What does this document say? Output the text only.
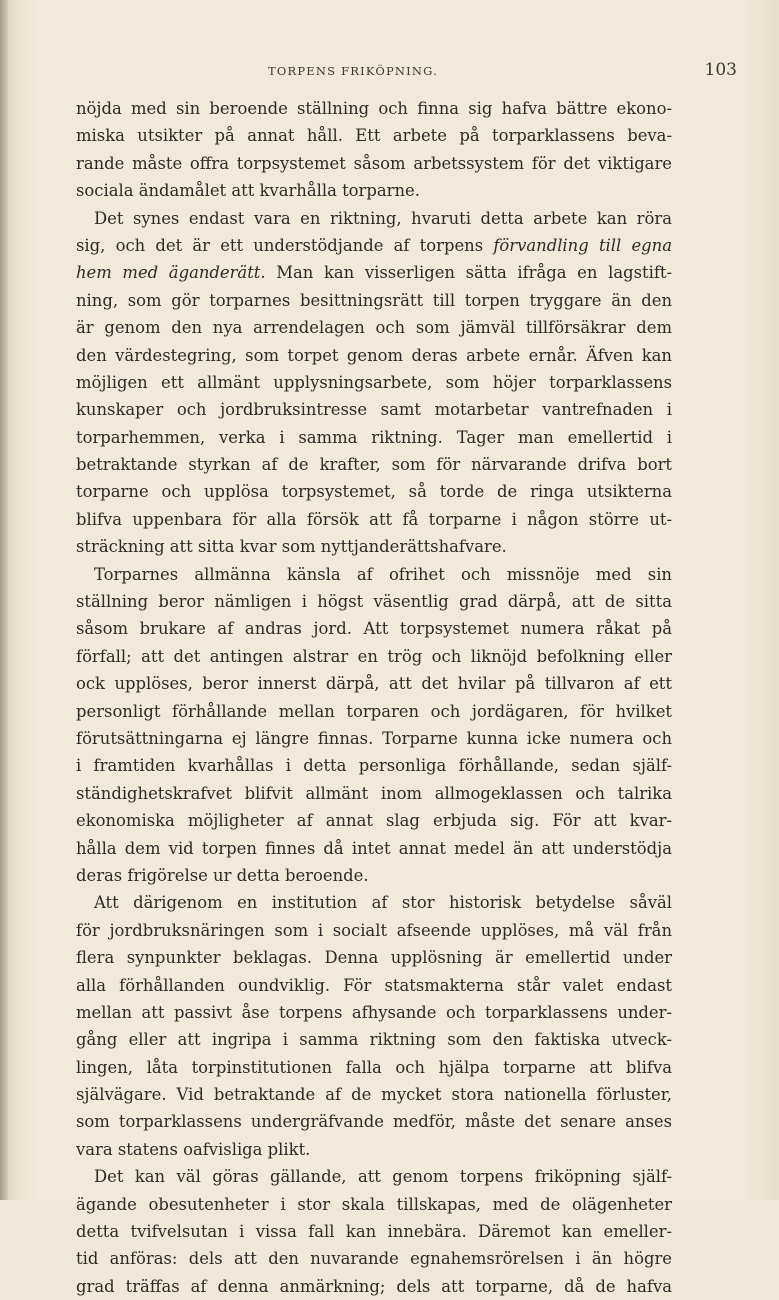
TORPENS FRIKÖPNING.	103
nöjda med sin beroende ställning och finna sig hafva bättre ekono-
miska utsikter på annat håll. Ett arbete på torparklassens beva-
rande måste offra torpsystemet såsom arbetssystem för det viktigare
sociala ändamålet att kvarhålla torparne.
Det synes endast vara en riktning, hvaruti detta arbete kan röra
sig, och det är ett understödjande af torpens förvandling till egna
hem med äganderätt. Man kan visserligen sätta ifråga en lagstift-
ning, som gör torparnes besittningsrätt till torpen tryggare än den
är genom den nya arrendelagen och som jämväl tillförsäkrar dem
den värdestegring, som torpet genom deras arbete ernår. Äfven kan
möjligen ett allmänt upplysningsarbete, som höjer torparklassens
kunskaper och jordbruksintresse samt motarbetar vantrefnaden i
torparhemmen, verka i samma riktning. Tager man emellertid i
betraktande styrkan af de krafter, som för närvarande drifva bort
torparne och upplösa torpsystemet, så torde de ringa utsikterna
blifva uppenbara för alla försök att få torparne i någon större ut-
sträckning att sitta kvar som nyttjanderättshafvare.
Torparnes allmänna känsla af ofrihet och missnöje med sin
ställning beror nämligen i högst väsentlig grad därpå, att de sitta
såsom brukare af andras jord. Att torpsystemet numera råkat på
förfall; att det antingen alstrar en trög och liknöjd befolkning eller
ock upplöses, beror innerst därpå, att det hvilar på tillvaron af ett
personligt förhållande mellan torparen och jordägaren, för hvilket
förutsättningarna ej längre finnas. Torparne kunna icke numera och
i framtiden kvarhållas i detta personliga förhållande, sedan själf-
ständighetskrafvet blifvit allmänt inom allmogeklassen och talrika
ekonomiska möjligheter af annat slag erbjuda sig. För att kvar-
hålla dem vid torpen finnes då intet annat medel än att understödja
deras frigörelse ur detta beroende.
Att därigenom en institution af stor historisk betydelse såväl
för jordbruksnäringen som i socialt afseende upplöses, må väl från
flera synpunkter beklagas. Denna upplösning är emellertid under
alla förhållanden oundviklig. För statsmakterna står valet endast
mellan att passivt åse torpens afhysande och torparklassens under-
gång eller att ingripa i samma riktning som den faktiska utveck-
lingen, låta torpinstitutionen falla och hjälpa torparne att blifva
självägare. Vid betraktande af de mycket stora nationella förluster,
som torparklassens undergräfvande medför, måste det senare anses
vara statens oafvisliga plikt.
Det kan väl göras gällande, att genom torpens friköpning själf-
ägande obesutenheter i stor skala tillskapas, med de olägenheter
detta tvifvelsutan i vissa fall kan innebära. Däremot kan emeller-
tid anföras: dels att den nuvarande egnahemsrörelsen i än högre
grad träffas af denna anmärkning; dels att torparne, då de hafva
